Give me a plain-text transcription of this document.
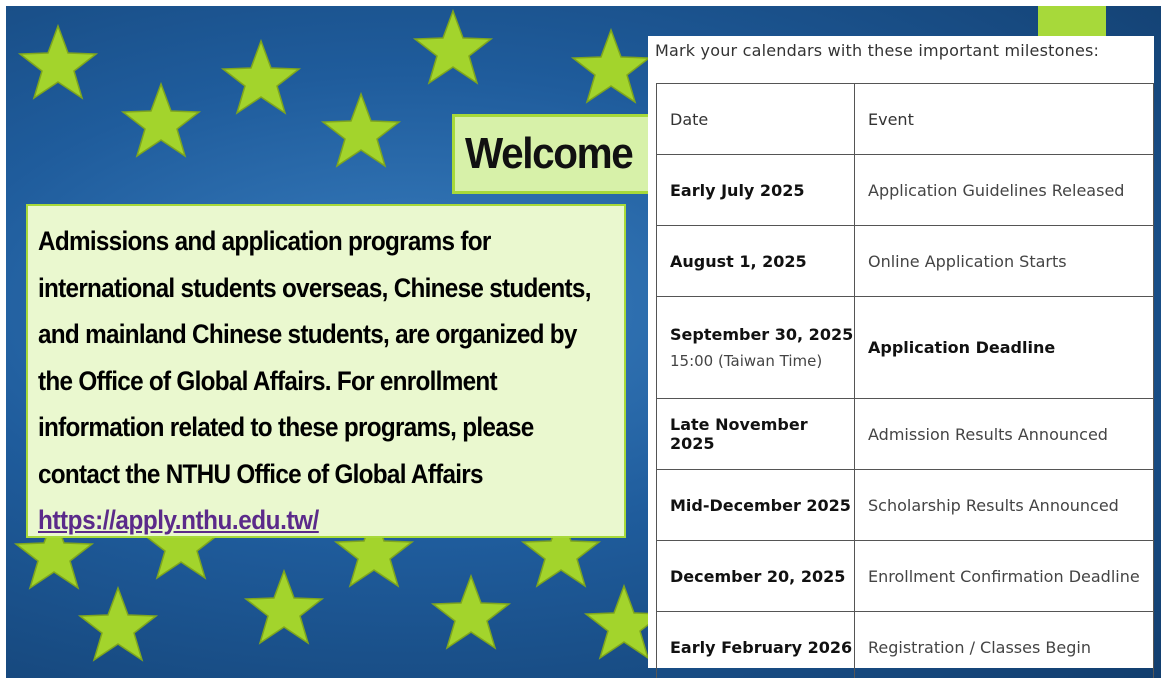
Welcome
Admissions and application programs for
international students overseas, Chinese students,
and mainland Chinese students, are organized by
the Office of Global Affairs. For enrollment
information related to these programs, please
contact the NTHU Office of Global Affairs
https://apply.nthu.edu.tw/
Mark your calendars with these important milestones:
Date	Event

Early July 2025	Application Guidelines Released

August 1, 2025	Online Application Starts

September 30, 2025
15:00 (Taiwan Time)	Application Deadline

Late November 2025	Admission Results Announced

Mid-December 2025	Scholarship Results Announced

December 20, 2025	Enrollment Confirmation Deadline

Early February 2026	Registration / Classes Begin
